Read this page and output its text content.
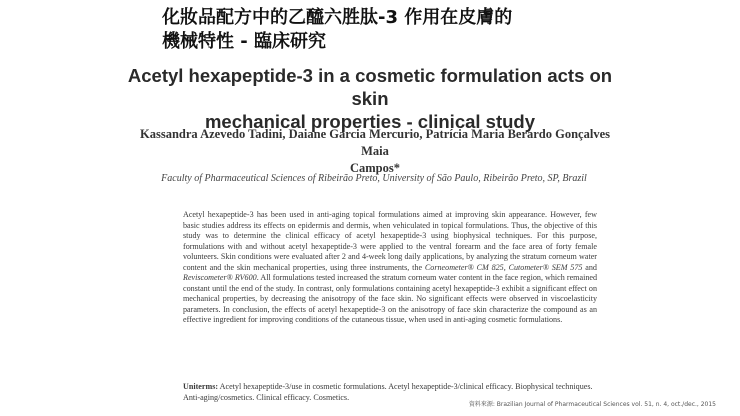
化妝品配方中的乙醯六胜肽-3 作用在皮膚的
機械特性 - 臨床研究
Acetyl hexapeptide-3 in a cosmetic formulation acts on skin
mechanical properties - clinical study
Kassandra Azevedo Tadini, Daiane Garcia Mercurio, Patrícia Maria Berardo Gonçalves Maia
Campos*
Faculty of Pharmaceutical Sciences of Ribeirão Preto, University of São Paulo, Ribeirão Preto, SP, Brazil
Acetyl hexapeptide-3 has been used in anti-aging topical formulations aimed at improving skin appearance. However, few basic studies address its effects on epidermis and dermis, when vehiculated in topical formulations. Thus, the objective of this study was to determine the clinical efficacy of acetyl hexapeptide-3 using biophysical techniques. For this purpose, formulations with and without acetyl hexapeptide-3 were applied to the ventral forearm and the face area of forty female volunteers. Skin conditions were evaluated after 2 and 4-week long daily applications, by analyzing the stratum corneum water content and the skin mechanical properties, using three instruments, the Corneometer® CM 825, Cutometer® SEM 575 and Reviscometer® RV600. All formulations tested increased the stratum corneum water content in the face region, which remained constant until the end of the study. In contrast, only formulations containing acetyl hexapeptide-3 exhibit a significant effect on mechanical properties, by decreasing the anisotropy of the face skin. No significant effects were observed in viscoelasticity parameters. In conclusion, the effects of acetyl hexapeptide-3 on the anisotropy of face skin characterize the compound as an effective ingredient for improving conditions of the cutaneous tissue, when used in anti-aging cosmetic formulations.
Uniterms: Acetyl hexapeptide-3/use in cosmetic formulations. Acetyl hexapeptide-3/clinical efficacy. Biophysical techniques. Anti-aging/cosmetics. Clinical efficacy. Cosmetics.
資料來源: Brazilian Journal of Pharmaceutical Sciences vol. 51, n. 4, oct./dec., 2015
